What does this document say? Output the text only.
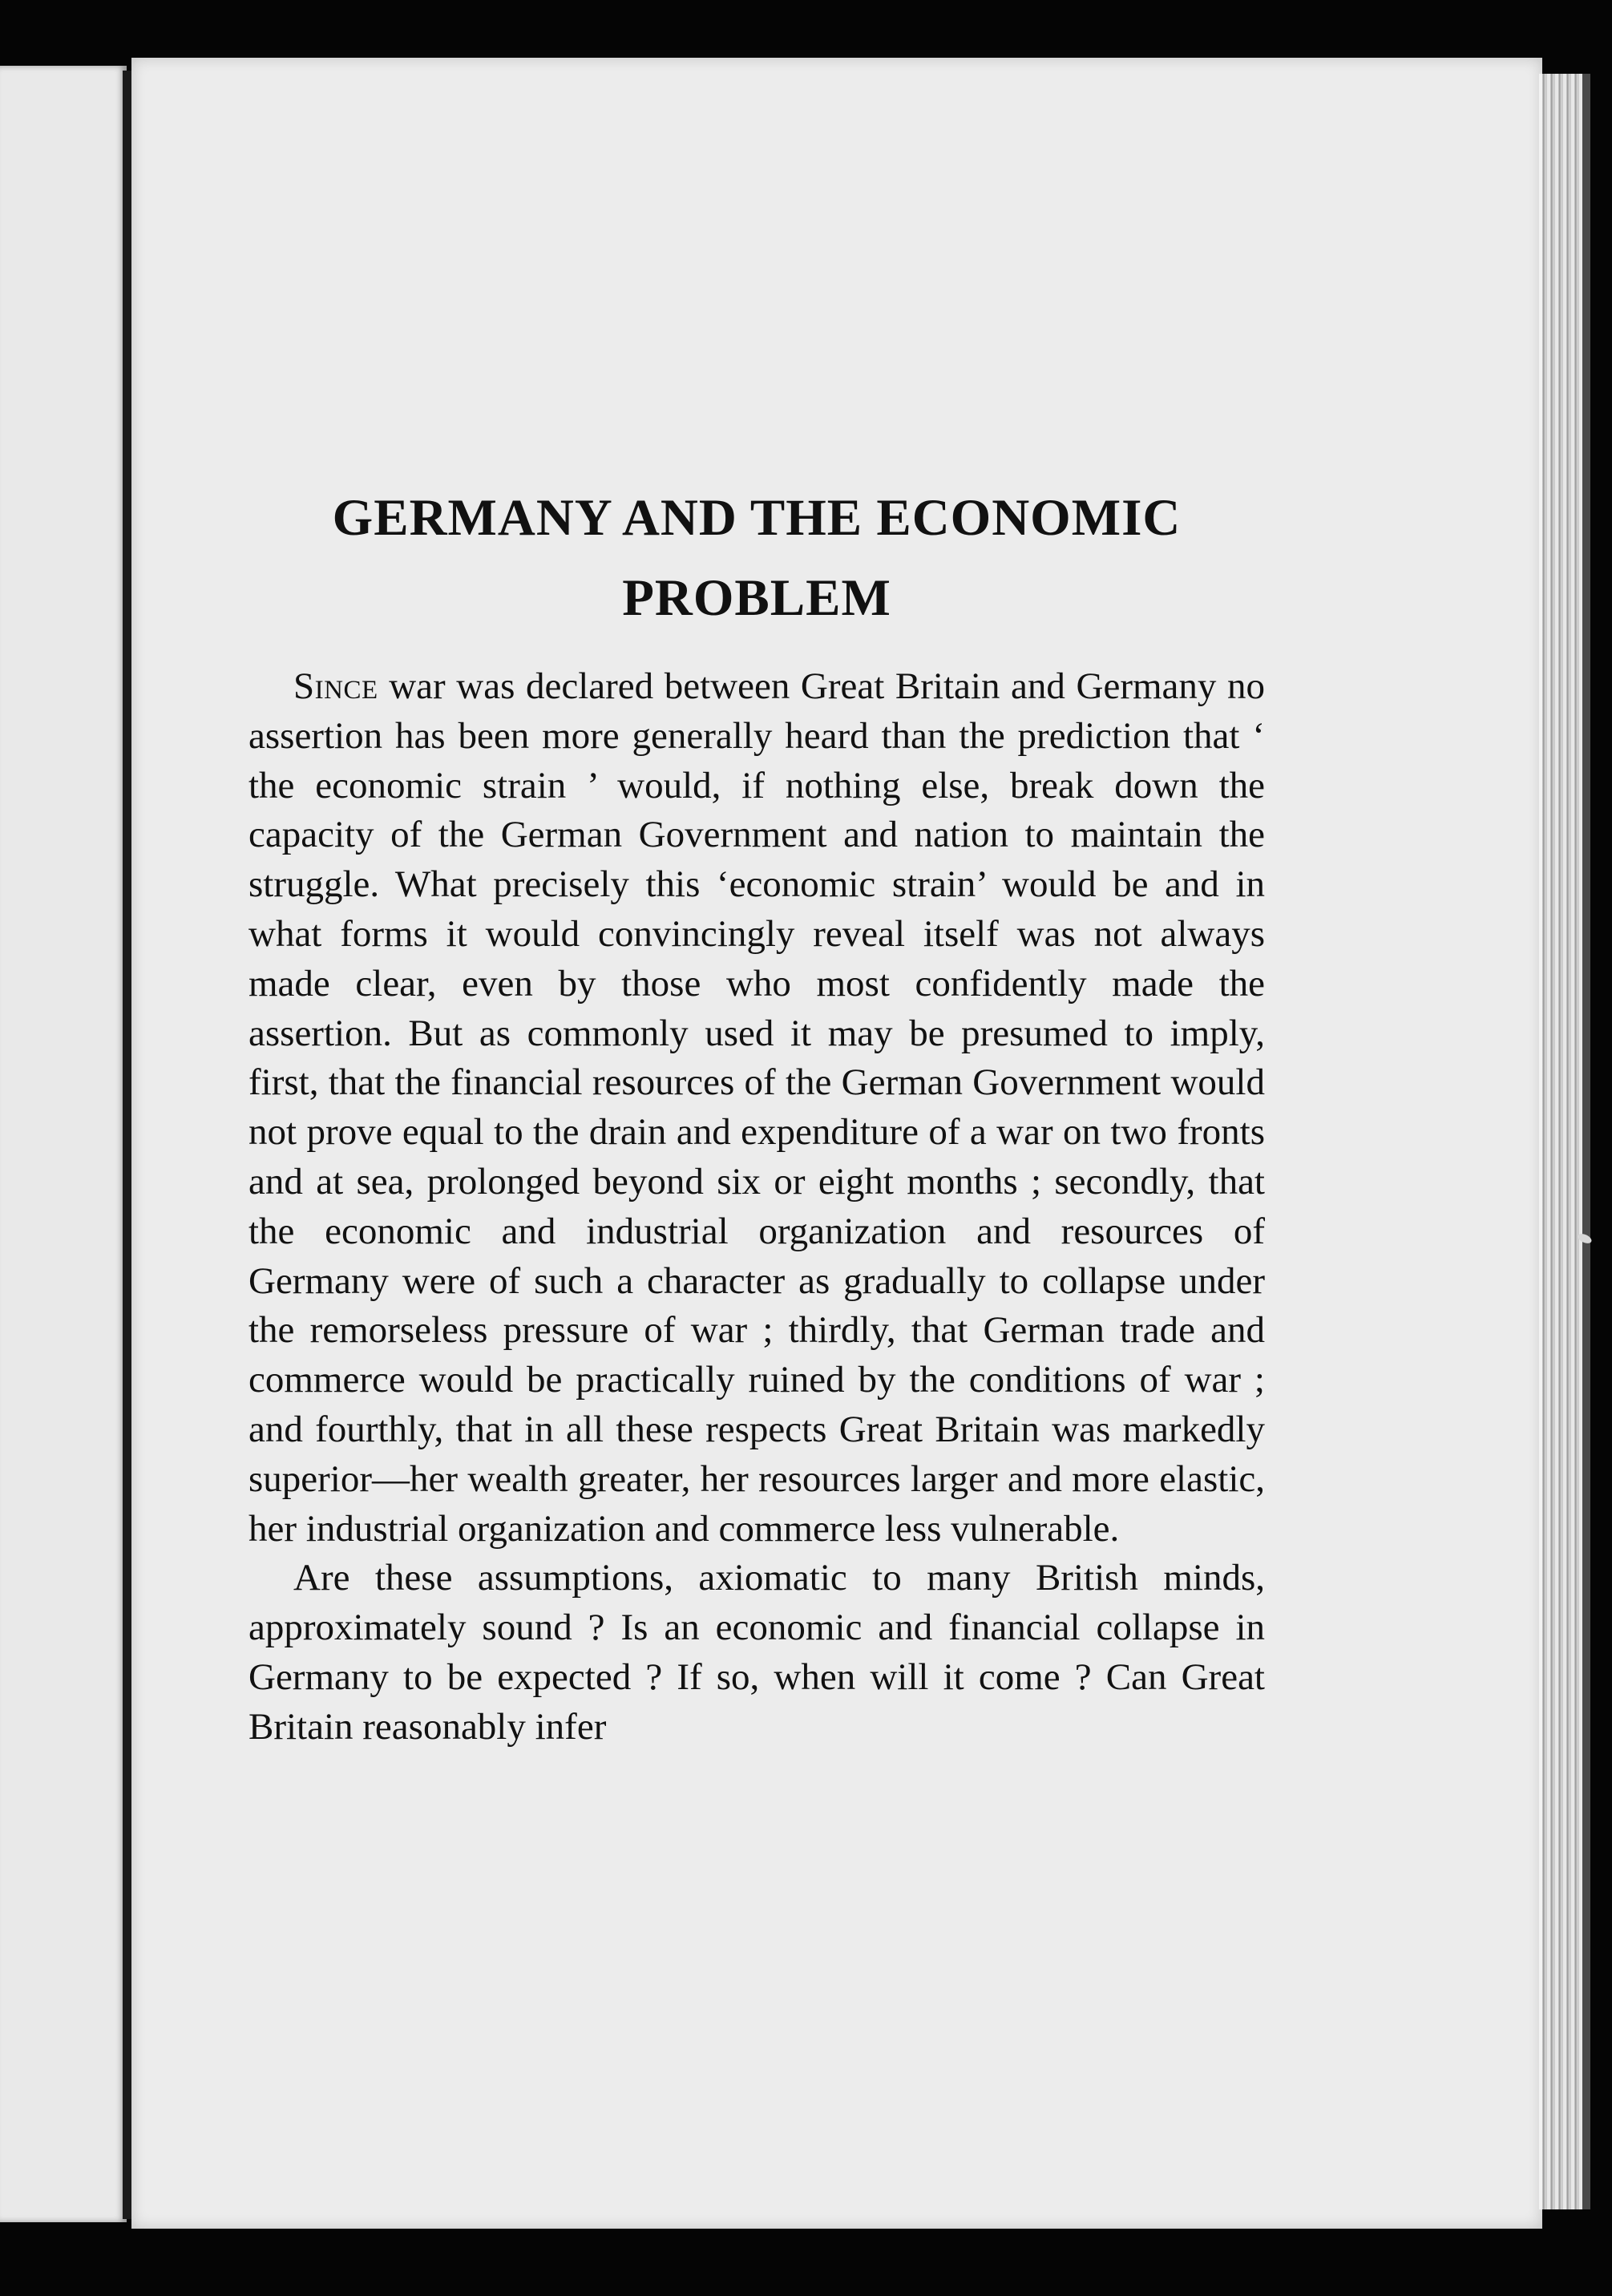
GERMANY AND THE ECONOMIC
PROBLEM

Since war was declared between Great Britain and Germany no assertion has been more generally heard than the prediction that ‘ the economic strain ’ would, if nothing else, break down the capacity of the German Government and nation to maintain the struggle. What precisely this ‘economic strain’ would be and in what forms it would convincingly reveal itself was not always made clear, even by those who most confidently made the assertion. But as commonly used it may be presumed to imply, first, that the financial resources of the German Government would not prove equal to the drain and expenditure of a war on two fronts and at sea, prolonged beyond six or eight months ; secondly, that the economic and industrial organization and resources of Germany were of such a character as gradually to collapse under the remorseless pressure of war ; thirdly, that German trade and commerce would be practically ruined by the conditions of war ; and fourthly, that in all these respects Great Britain was markedly superior—her wealth greater, her resources larger and more elastic, her industrial organization and commerce less vulnerable.

Are these assumptions, axiomatic to many British minds, approximately sound ? Is an economic and financial collapse in Germany to be expected ? If so, when will it come ? Can Great Britain reasonably infer
